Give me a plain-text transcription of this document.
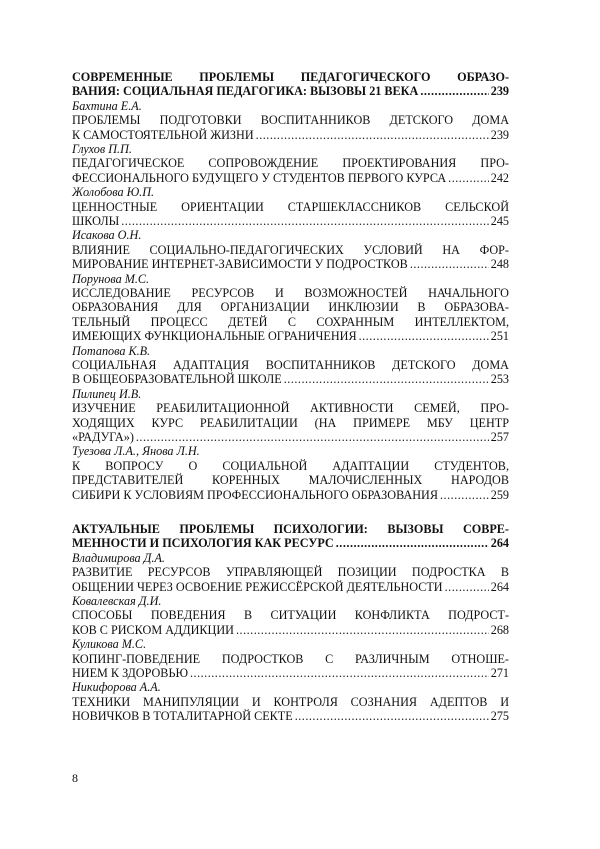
СОВРЕМЕННЫЕ ПРОБЛЕМЫ ПЕДАГОГИЧЕСКОГО ОБРАЗО-
ВАНИЯ: СОЦИАЛЬНАЯ ПЕДАГОГИКА: ВЫЗОВЫ 21 ВЕКА .....	239
Бахтина Е.А.
ПРОБЛЕМЫ ПОДГОТОВКИ ВОСПИТАННИКОВ ДЕТСКОГО ДОМА
К САМОСТОЯТЕЛЬНОЙ ЖИЗНИ .....	239
Глухов П.П.
ПЕДАГОГИЧЕСКОЕ СОПРОВОЖДЕНИЕ ПРОЕКТИРОВАНИЯ ПРО-
ФЕССИОНАЛЬНОГО БУДУЩЕГО У СТУДЕНТОВ ПЕРВОГО КУРСА .....	242
Жолобова Ю.П.
ЦЕННОСТНЫЕ ОРИЕНТАЦИИ СТАРШЕКЛАССНИКОВ СЕЛЬСКОЙ
ШКОЛЫ .....	245
Исакова О.Н.
ВЛИЯНИЕ СОЦИАЛЬНО-ПЕДАГОГИЧЕСКИХ УСЛОВИЙ НА ФОР-
МИРОВАНИЕ ИНТЕРНЕТ-ЗАВИСИМОСТИ У ПОДРОСТКОВ .....	248
Порунова М.С.
ИССЛЕДОВАНИЕ РЕСУРСОВ И ВОЗМОЖНОСТЕЙ НАЧАЛЬНОГО
ОБРАЗОВАНИЯ ДЛЯ ОРГАНИЗАЦИИ ИНКЛЮЗИИ В ОБРАЗОВА-
ТЕЛЬНЫЙ ПРОЦЕСС ДЕТЕЙ С СОХРАННЫМ ИНТЕЛЛЕКТОМ,
ИМЕЮЩИХ ФУНКЦИОНАЛЬНЫЕ ОГРАНИЧЕНИЯ .....	251
Потапова К.В.
СОЦИАЛЬНАЯ АДАПТАЦИЯ ВОСПИТАННИКОВ ДЕТСКОГО ДОМА
В ОБЩЕОБРАЗОВАТЕЛЬНОЙ ШКОЛЕ .....	253
Пилипец И.В.
ИЗУЧЕНИЕ РЕАБИЛИТАЦИОННОЙ АКТИВНОСТИ СЕМЕЙ, ПРО-
ХОДЯЩИХ КУРС РЕАБИЛИТАЦИИ (НА ПРИМЕРЕ МБУ ЦЕНТР
«РАДУГА») .....	257
Туезова Л.А., Янова Л.Н.
К ВОПРОСУ О СОЦИАЛЬНОЙ АДАПТАЦИИ СТУДЕНТОВ,
ПРЕДСТАВИТЕЛЕЙ КОРЕННЫХ МАЛОЧИСЛЕННЫХ НАРОДОВ
СИБИРИ К УСЛОВИЯМ ПРОФЕССИОНАЛЬНОГО ОБРАЗОВАНИЯ .....	259
АКТУАЛЬНЫЕ ПРОБЛЕМЫ ПСИХОЛОГИИ: ВЫЗОВЫ СОВРЕ-
МЕННОСТИ И ПСИХОЛОГИЯ КАК РЕСУРС .....	264
Владимирова Д.А.
РАЗВИТИЕ РЕСУРСОВ УПРАВЛЯЮЩЕЙ ПОЗИЦИИ ПОДРОСТКА В
ОБЩЕНИИ ЧЕРЕЗ ОСВОЕНИЕ РЕЖИССЁРСКОЙ ДЕЯТЕЛЬНОСТИ .....	264
Ковалевская Д.И.
СПОСОБЫ ПОВЕДЕНИЯ В СИТУАЦИИ КОНФЛИКТА ПОДРОСТ-
КОВ С РИСКОМ АДДИКЦИИ .....	268
Куликова М.С.
КОПИНГ-ПОВЕДЕНИЕ ПОДРОСТКОВ С РАЗЛИЧНЫМ ОТНОШЕ-
НИЕМ К ЗДОРОВЬЮ .....	271
Никифорова А.А.
ТЕХНИКИ МАНИПУЛЯЦИИ И КОНТРОЛЯ СОЗНАНИЯ АДЕПТОВ И
НОВИЧКОВ В ТОТАЛИТАРНОЙ СЕКТЕ .....	275
8
